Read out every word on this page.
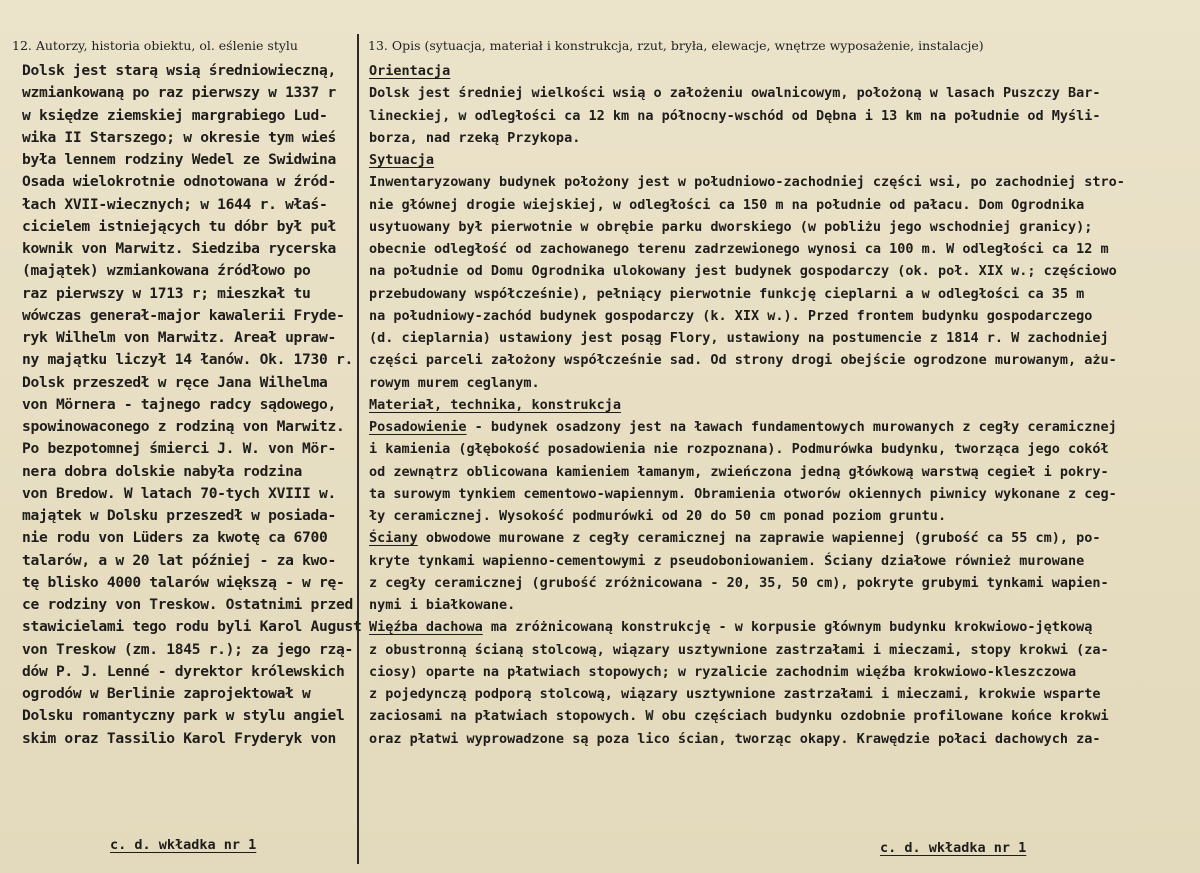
12. Autorzy, historia obiektu, ol. eślenie stylu	13. Opis (sytuacja, materiał i konstrukcja, rzut, bryła, elewacje, wnętrze wyposażenie, instalacje)
Dolsk jest starą wsią średniowieczną,
wzmiankowaną po raz pierwszy w 1337 r
w księdze ziemskiej margrabiego Lud-
wika II Starszego; w okresie tym wieś
była lennem rodziny Wedel ze Swidwina
Osada wielokrotnie odnotowana w źród-
łach XVII-wiecznych; w 1644 r. właś-
cicielem istniejących tu dóbr był puł
kownik von Marwitz. Siedziba rycerska
(majątek) wzmiankowana źródłowo po
raz pierwszy w 1713 r; mieszkał tu
wówczas generał-major kawalerii Fryde-
ryk Wilhelm von Marwitz. Areał upraw-
ny majątku liczył 14 łanów. Ok. 1730 r.
Dolsk przeszedł w ręce Jana Wilhelma
von Mörnera - tajnego radcy sądowego,
spowinowaconego z rodziną von Marwitz.
Po bezpotomnej śmierci J. W. von Mör-
nera dobra dolskie nabyła rodzina
von Bredow. W latach 70-tych XVIII w.
majątek w Dolsku przeszedł w posiada-
nie rodu von Lüders za kwotę ca 6700
talarów, a w 20 lat później - za kwo-
tę blisko 4000 talarów większą - w rę-
ce rodziny von Treskow. Ostatnimi przed
stawicielami tego rodu byli Karol August
von Treskow (zm. 1845 r.); za jego rzą-
dów P. J. Lenné - dyrektor królewskich
ogrodów w Berlinie zaprojektował w
Dolsku romantyczny park w stylu angiel
skim oraz Tassilio Karol Fryderyk von
Orientacja
Dolsk jest średniej wielkości wsią o założeniu owalnicowym, położoną w lasach Puszczy Bar-
lineckiej, w odległości ca 12 km na północny-wschód od Dębna i 13 km na południe od Myśli-
borza, nad rzeką Przykopa.
Sytuacja
Inwentaryzowany budynek położony jest w południowo-zachodniej części wsi, po zachodniej stro-
nie głównej drogie wiejskiej, w odległości ca 150 m na południe od pałacu. Dom Ogrodnika
usytuowany był pierwotnie w obrębie parku dworskiego (w pobliżu jego wschodniej granicy);
obecnie odległość od zachowanego terenu zadrzewionego wynosi ca 100 m. W odległości ca 12 m
na południe od Domu Ogrodnika ulokowany jest budynek gospodarczy (ok. poł. XIX w.; częściowo
przebudowany współcześnie), pełniący pierwotnie funkcję cieplarni a w odległości ca 35 m
na południowy-zachód budynek gospodarczy (k. XIX w.). Przed frontem budynku gospodarczego
(d. cieplarnia) ustawiony jest posąg Flory, ustawiony na postumencie z 1814 r. W zachodniej
części parceli założony współcześnie sad. Od strony drogi obejście ogrodzone murowanym, ażu-
rowym murem ceglanym.
Materiał, technika, konstrukcja
Posadowienie - budynek osadzony jest na ławach fundamentowych murowanych z cegły ceramicznej
i kamienia (głębokość posadowienia nie rozpoznana). Podmurówka budynku, tworząca jego cokół
od zewnątrz oblicowana kamieniem łamanym, zwieńczona jedną główkową warstwą cegieł i pokry-
ta surowym tynkiem cementowo-wapiennym. Obramienia otworów okiennych piwnicy wykonane z ceg-
ły ceramicznej. Wysokość podmurówki od 20 do 50 cm ponad poziom gruntu.
Ściany obwodowe murowane z cegły ceramicznej na zaprawie wapiennej (grubość ca 55 cm), po-
kryte tynkami wapienno-cementowymi z pseudoboniowaniem. Ściany działowe również murowane
z cegły ceramicznej (grubość zróżnicowana - 20, 35, 50 cm), pokryte grubymi tynkami wapien-
nymi i białkowane.
Więźba dachowa ma zróżnicowaną konstrukcję - w korpusie głównym budynku krokwiowo-jętkową
z obustronną ścianą stolcową, wiązary usztywnione zastrzałami i mieczami, stopy krokwi (za-
ciosy) oparte na płatwiach stopowych; w ryzalicie zachodnim więźba krokwiowo-kleszczowa
z pojedynczą podporą stolcową, wiązary usztywnione zastrzałami i mieczami, krokwie wsparte
zaciosami na płatwiach stopowych. W obu częściach budynku ozdobnie profilowane końce krokwi
oraz płatwi wyprowadzone są poza lico ścian, tworząc okapy. Krawędzie połaci dachowych za-
c. d. wkładka nr 1	c. d. wkładka nr 1
